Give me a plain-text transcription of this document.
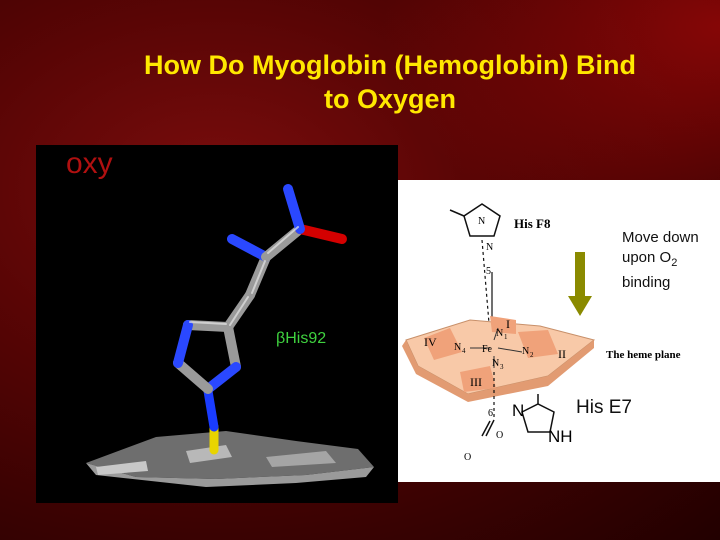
How Do Myoglobin (Hemoglobin) Bind
to Oxygen
oxy
βHis92
N
N
His F8
5
6
I
II
III
IV
N 1
N 2
N 3
N 4 Fe	The heme plane
O
O
N
NH
Move down
upon $O_2$
binding
His E7
